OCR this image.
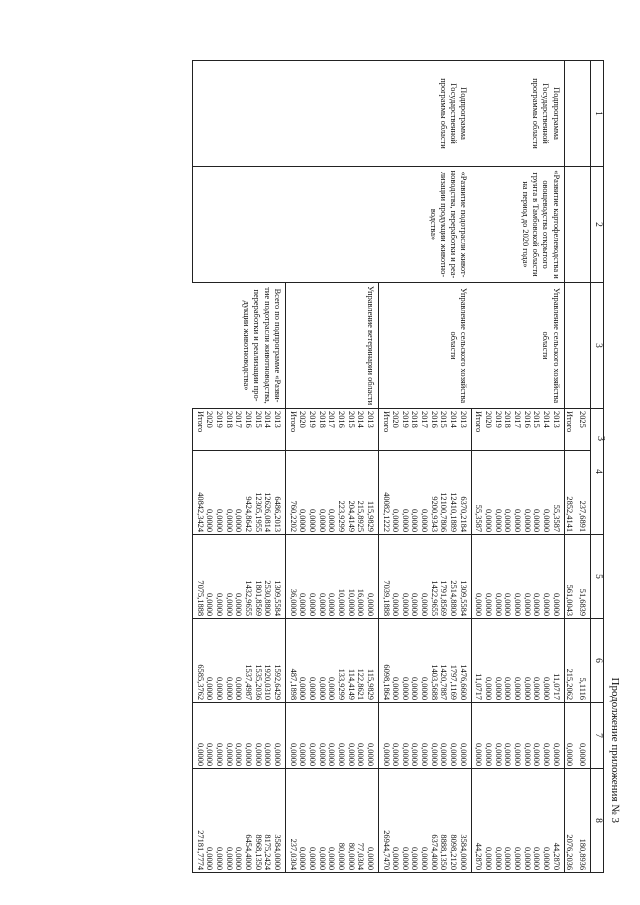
3
Продолжение приложения № 3
1	2	3	4		5	6	7	8
			2025	237,6891	51,6839	5,1116	0,0000	180,8936
			Итого	2852,4141	561,0043	215,2062	0,0000	2076,2036
Подпрограмма Государственной программы области	«Развитие картофелеводства и овощеводства открытого грунта в Тамбовской области на период до 2020 года»	Управление сельского хозяйства области	2013	55,3587	0,0000	11,0717	0,0000	44,2870
			2014	0,0000	0,0000	0,0000	0,0000	0,0000
			2015	0,0000	0,0000	0,0000	0,0000	0,0000
			2016	0,0000	0,0000	0,0000	0,0000	0,0000
			2017	0,0000	0,0000	0,0000	0,0000	0,0000
			2018	0,0000	0,0000	0,0000	0,0000	0,0000
			2019	0,0000	0,0000	0,0000	0,0000	0,0000
			2020	0,0000	0,0000	0,0000	0,0000	0,0000
			Итого	55,3587	0,0000	11,0717	0,0000	44,2870
Подпрограмма Государственной программы области	«Развитие подотрасли живот-новодства, переработки и реа-лизации продукции животно-водства»	Управление сельского хозяйства области	2013	6370,2184	1309,5584	1476,6600	0,0000	3584,0000
			2014	12410,1889	2514,8800	1797,1169	0,0000	8098,2120
			2015	12100,7806	1791,8569	1420,7887	0,0000	8888,1350
			2016	9200,9343	1422,9655	1403,5688	0,0000	6374,4000
			2017	0,0000	0,0000	0,0000	0,0000	0,0000
			2018	0,0000	0,0000	0,0000	0,0000	0,0000
			2019	0,0000	0,0000	0,0000	0,0000	0,0000
			2020	0,0000	0,0000	0,0000	0,0000	0,0000
			Итого	40082,1222	7039,1888	6098,1864	0,0000	26944,7470
		Управление ветеринарии области	2013	115,9829	0,0000	115,9829	0,0000	0,0000
			2014	215,8925	16,0000	122,8621	0,0000	77,0304
			2015	204,4149	10,0000	114,4149	0,0000	80,0000
			2016	223,9299	10,0000	133,9299	0,0000	80,0000
			2017	0,0000	0,0000	0,0000	0,0000	0,0000
			2018	0,0000	0,0000	0,0000	0,0000	0,0000
			2019	0,0000	0,0000	0,0000	0,0000	0,0000
			2020	0,0000	0,0000	0,0000	0,0000	0,0000
			Итого	760,2202	36,0000	487,1898	0,0000	237,0304
		Всего по подпрограмме «Разви-тие подотрасли животноводства, переработки и реализации про-дукции животноводства»	2013	6486,2013	1309,5584	1592,6429	0,0000	3584,0000
			2014	12626,0814	2530,8800	1920,0310	0,0000	8175,2424
			2015	12305,1955	1801,8569	1535,2036	0,0000	8968,1350
			2016	9424,8642	1432,9655	1537,4987	0,0000	6454,4000
			2017	0,0000	0,0000	0,0000	0,0000	0,0000
			2018	0,0000	0,0000	0,0000	0,0000	0,0000
			2019	0,0000	0,0000	0,0000	0,0000	0,0000
			2020	0,0000	0,0000	0,0000	0,0000	0,0000
			Итого	40842,3424	7075,1888	6585,3762	0,0000	27181,7774
